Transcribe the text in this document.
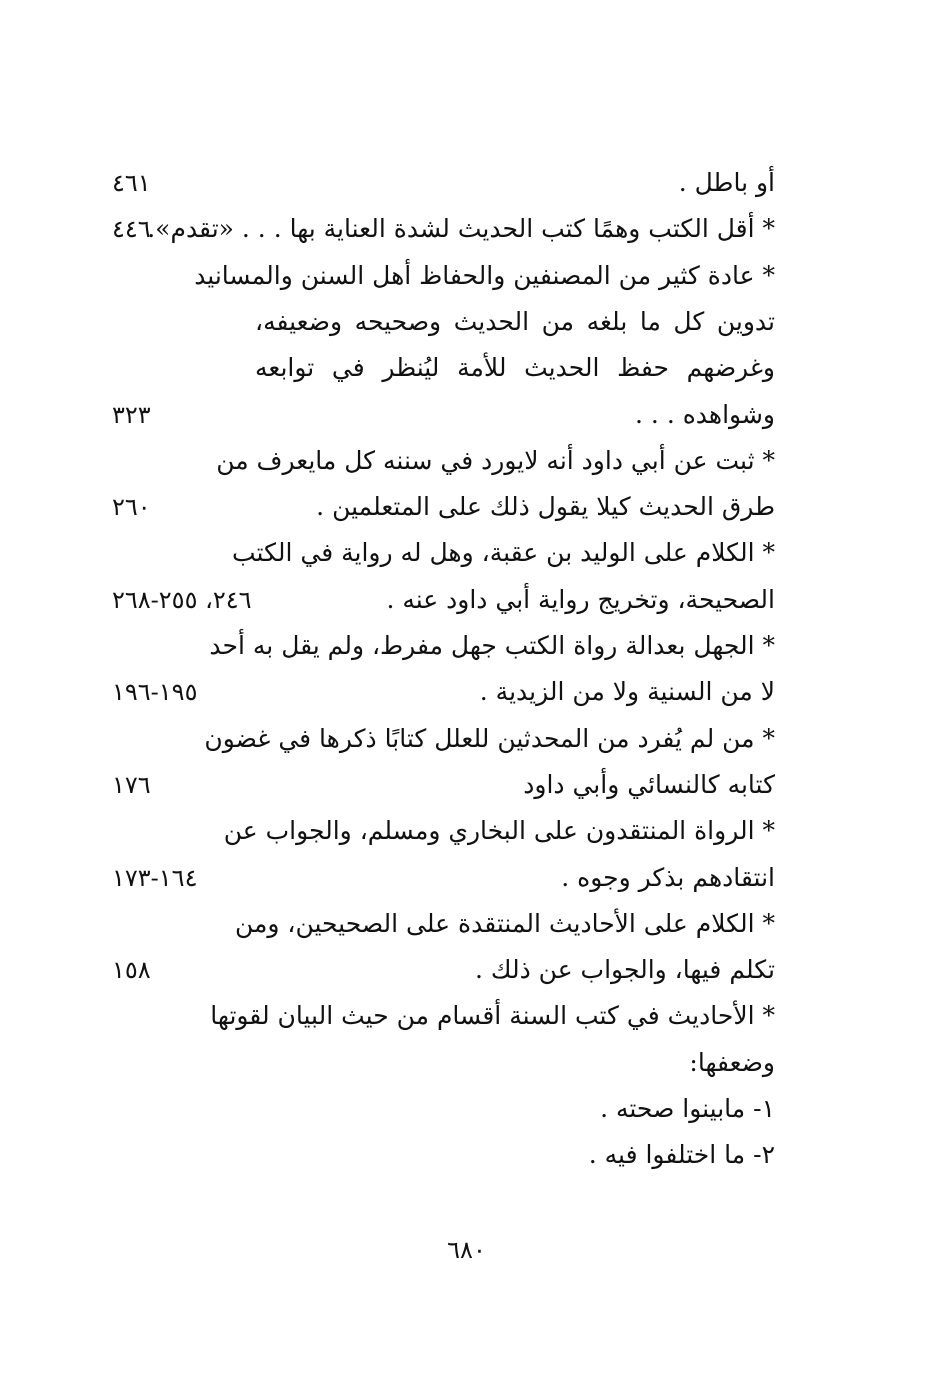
أو باطل .
٤٦١
* أقل الكتب وهمًا كتب الحديث لشدة العناية بها . . . «تقدم».
٤٤٦
* عادة كثير من المصنفين والحفاظ أهل السنن والمسانيد
تدوين كل ما بلغه من الحديث وصحيحه وضعيفه،
وغرضهم حفظ الحديث للأمة ليُنظر في توابعه
وشواهده . . .
٣٢٣
* ثبت عن أبي داود أنه لايورد في سننه كل مايعرف من
طرق الحديث كيلا يقول ذلك على المتعلمين .
٢٦٠
* الكلام على الوليد بن عقبة، وهل له رواية في الكتب
الصحيحة، وتخريج رواية أبي داود عنه .
٢٤٦، ٢٥٥-٢٦٨
* الجهل بعدالة رواة الكتب جهل مفرط، ولم يقل به أحد
لا من السنية ولا من الزيدية .
١٩٥-١٩٦
* من لم يُفرد من المحدثين للعلل كتابًا ذكرها في غضون
كتابه كالنسائي وأبي داود
١٧٦
* الرواة المنتقدون على البخاري ومسلم، والجواب عن
انتقادهم بذكر وجوه .
١٦٤-١٧٣
* الكلام على الأحاديث المنتقدة على الصحيحين، ومن
تكلم فيها، والجواب عن ذلك .
١٥٨
* الأحاديث في كتب السنة أقسام من حيث البيان لقوتها
وضعفها:
١- مابينوا صحته .
٢- ما اختلفوا فيه .
٦٨٠
